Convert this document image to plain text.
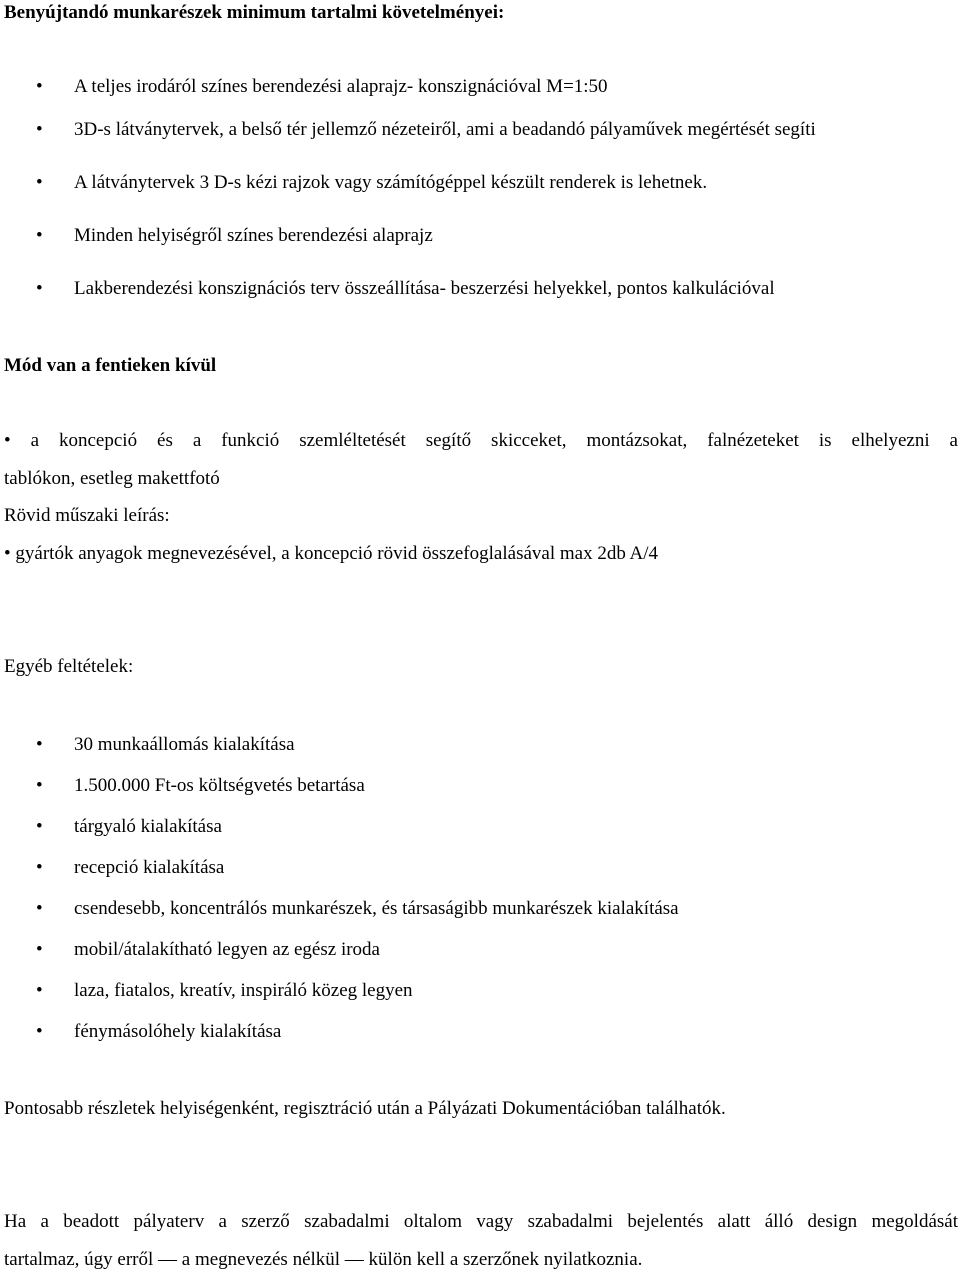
Benyújtandó munkarészek minimum tartalmi követelményei:
• A teljes irodáról színes berendezési alaprajz- konszignációval M=1:50
• 3D-s látványtervek, a belső tér jellemző nézeteiről, ami a beadandó pályaművek megértését segíti
• A látványtervek 3 D-s kézi rajzok vagy számítógéppel készült renderek is lehetnek.
• Minden helyiségről színes berendezési alaprajz
• Lakberendezési konszignációs terv összeállítása- beszerzési helyekkel, pontos kalkulációval
Mód van a fentieken kívül
• a koncepció és a funkció szemléltetését segítő skicceket, montázsokat, falnézeteket is elhelyezni a
tablókon, esetleg makettfotó
Rövid műszaki leírás:
• gyártók anyagok megnevezésével, a koncepció rövid összefoglalásával max 2db A/4
Egyéb feltételek:
• 30 munkaállomás kialakítása
• 1.500.000 Ft-os költségvetés betartása
• tárgyaló kialakítása
• recepció kialakítása
• csendesebb, koncentrálós munkarészek, és társaságibb munkarészek kialakítása
• mobil/átalakítható legyen az egész iroda
• laza, fiatalos, kreatív, inspiráló közeg legyen
• fénymásolóhely kialakítása
Pontosabb részletek helyiségenként, regisztráció után a Pályázati Dokumentációban találhatók.
Ha a beadott pályaterv a szerző szabadalmi oltalom vagy szabadalmi bejelentés alatt álló design megoldását
tartalmaz, úgy erről — a megnevezés nélkül — külön kell a szerzőnek nyilatkoznia.
